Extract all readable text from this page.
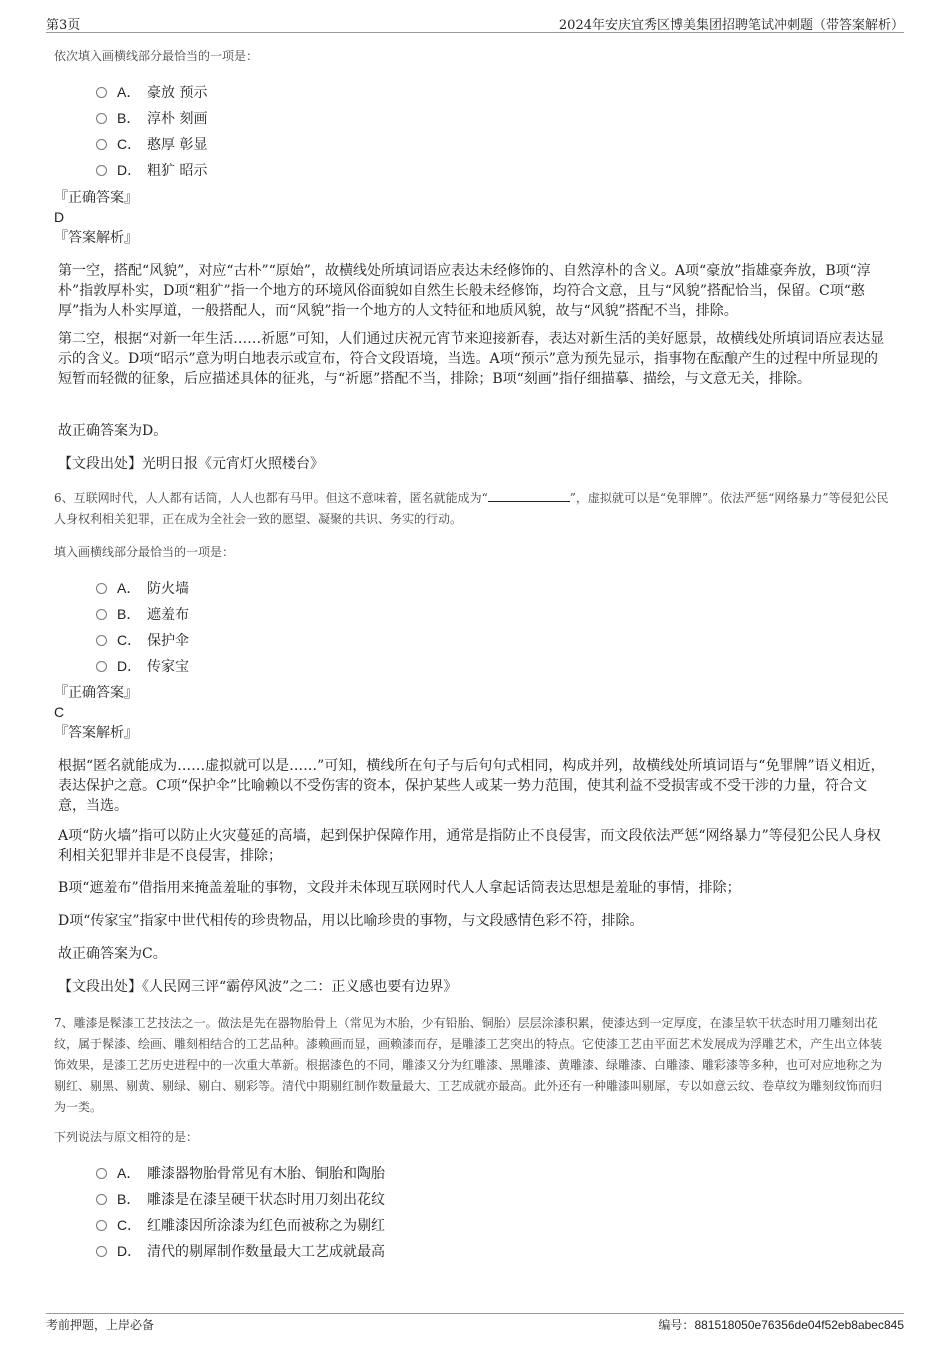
第3页	2024年安庆宜秀区博美集团招聘笔试冲刺题（带答案解析）
依次填入画横线部分最恰当的一项是：
A． 豪放 预示
B． 淳朴 刻画
C． 憨厚 彰显
D． 粗犷 昭示
『正确答案』
D
『答案解析』
第一空，搭配“风貌”，对应“古朴”“原始”，故横线处所填词语应表达未经修饰的、自然淳朴的含义。A项“豪放”指雄豪奔放，B项“淳朴”指敦厚朴实，D项“粗犷”指一个地方的环境风俗面貌如自然生长般未经修饰，均符合文意，且与“风貌”搭配恰当，保留。C项“憨厚”指为人朴实厚道，一般搭配人，而“风貌”指一个地方的人文特征和地质风貌，故与“风貌”搭配不当，排除。
第二空，根据“对新一年生活……祈愿”可知，人们通过庆祝元宵节来迎接新春，表达对新生活的美好愿景，故横线处所填词语应表达显示的含义。D项“昭示”意为明白地表示或宣布，符合文段语境，当选。A项“预示”意为预先显示，指事物在酝酿产生的过程中所显现的短暂而轻微的征象，后应描述具体的征兆，与“祈愿”搭配不当，排除；B项“刻画”指仔细描摹、描绘，与文意无关，排除。
故正确答案为D。
【文段出处】光明日报《元宵灯火照楼台》
6、互联网时代，人人都有话筒，人人也都有马甲。但这不意味着，匿名就能成为“	”，虚拟就可以是“免罪牌”。依法严惩“网络暴力”等侵犯公民人身权利相关犯罪，正在成为全社会一致的愿望、凝聚的共识、务实的行动。
填入画横线部分最恰当的一项是：
A． 防火墙
B． 遮羞布
C． 保护伞
D． 传家宝
『正确答案』
C
『答案解析』
根据“匿名就能成为……虚拟就可以是……”可知，横线所在句子与后句句式相同，构成并列，故横线处所填词语与“免罪牌”语义相近，表达保护之意。C项“保护伞”比喻赖以不受伤害的资本，保护某些人或某一势力范围，使其利益不受损害或不受干涉的力量，符合文意，当选。
A项“防火墙”指可以防止火灾蔓延的高墙，起到保护保障作用，通常是指防止不良侵害，而文段依法严惩“网络暴力”等侵犯公民人身权利相关犯罪并非是不良侵害，排除；
B项“遮羞布”借指用来掩盖羞耻的事物，文段并未体现互联网时代人人拿起话筒表达思想是羞耻的事情，排除；
D项“传家宝”指家中世代相传的珍贵物品，用以比喻珍贵的事物，与文段感情色彩不符，排除。
故正确答案为C。
【文段出处】《人民网三评“霸停风波”之二：正义感也要有边界》
7、雕漆是髹漆工艺技法之一。做法是先在器物胎骨上（常见为木胎，少有铅胎、铜胎）层层涂漆积累，使漆达到一定厚度，在漆呈软干状态时用刀雕刻出花纹，属于髹漆、绘画、雕刻相结合的工艺品种。漆赖画而显，画赖漆而存，是雕漆工艺突出的特点。它使漆工艺由平面艺术发展成为浮雕艺术，产生出立体装饰效果，是漆工艺历史进程中的一次重大革新。根据漆色的不同，雕漆又分为红雕漆、黑雕漆、黄雕漆、绿雕漆、白雕漆、雕彩漆等多种，也可对应地称之为剔红、剔黑、剔黄、剔绿、剔白、剔彩等。清代中期剔红制作数量最大、工艺成就亦最高。此外还有一种雕漆叫剔犀，专以如意云纹、卷草纹为雕刻纹饰而归为一类。
下列说法与原文相符的是：
A． 雕漆器物胎骨常见有木胎、铜胎和陶胎
B． 雕漆是在漆呈硬干状态时用刀刻出花纹
C． 红雕漆因所涂漆为红色而被称之为剔红
D． 清代的剔犀制作数量最大工艺成就最高
考前押题，上岸必备	编号：881518050e76356de04f52eb8abec845
